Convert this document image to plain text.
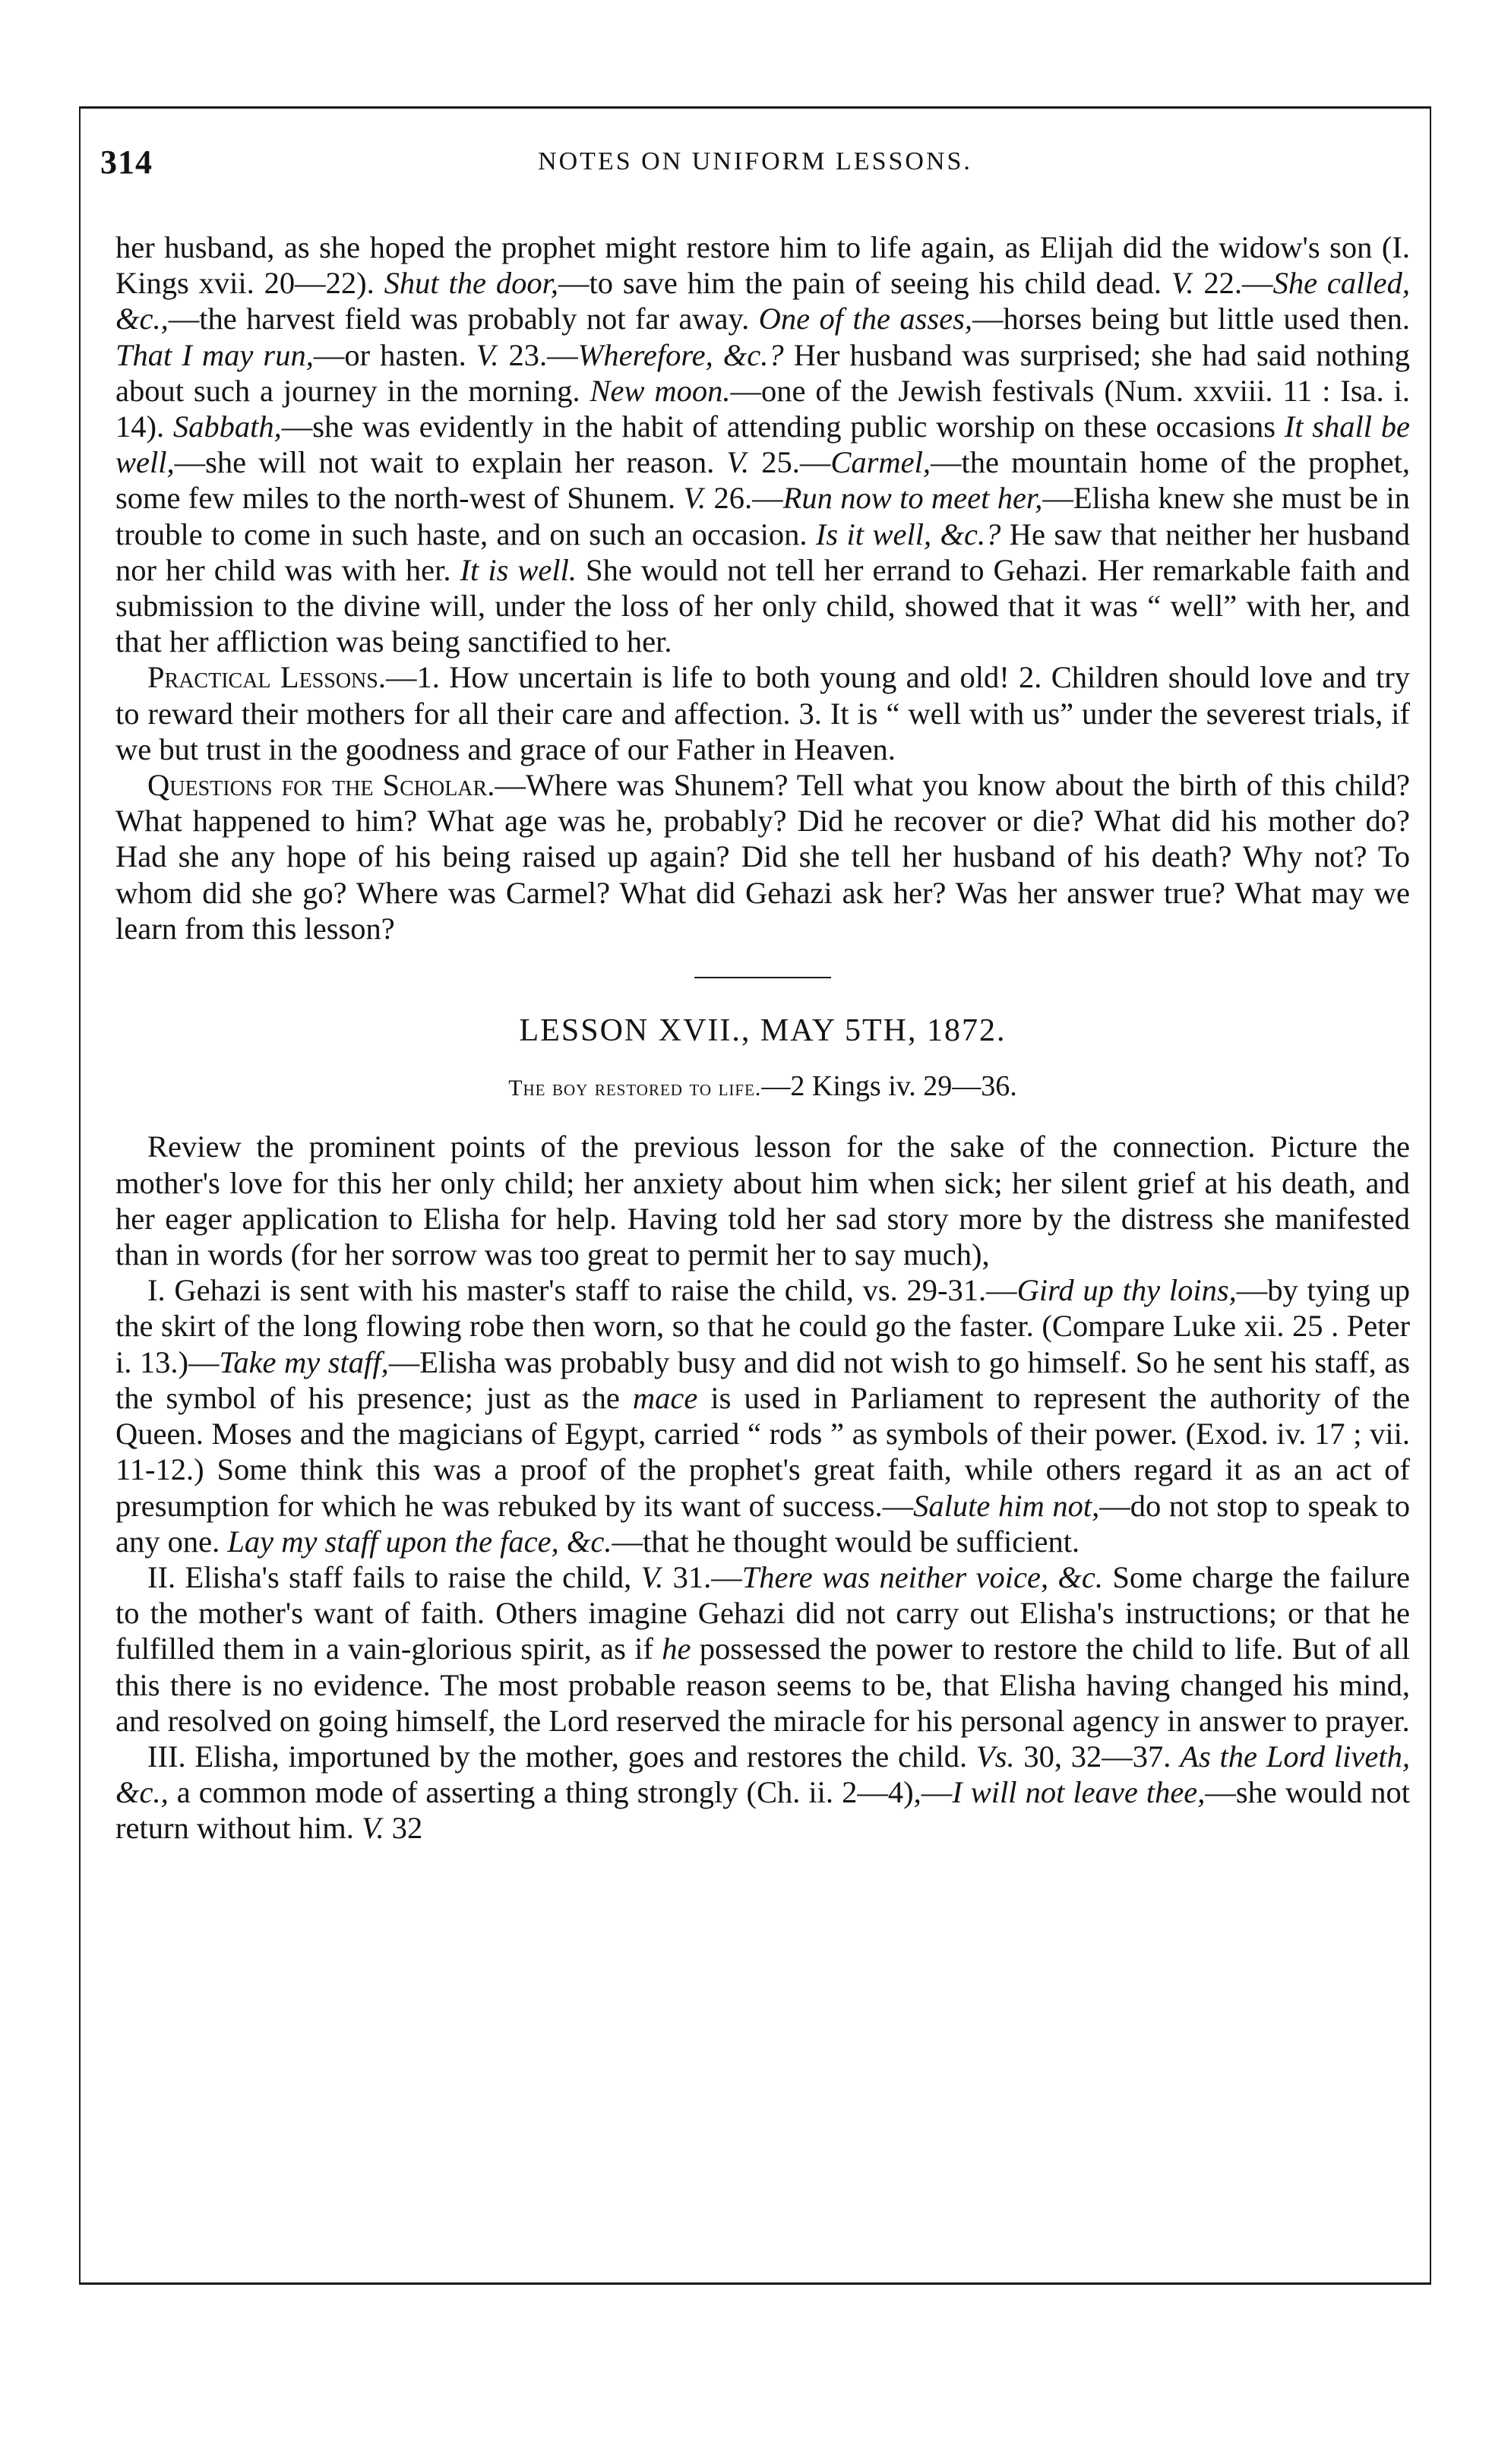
314	NOTES ON UNIFORM LESSONS.

her husband, as she hoped the prophet might restore him to life again, as Elijah did the widow's son (I. Kings xvii. 20—22). Shut the door,—to save him the pain of seeing his child dead. V. 22.—She called, &c.,—the harvest field was probably not far away. One of the asses,—horses being but little used then. That I may run,—or hasten. V. 23.—Wherefore, &c.? Her husband was surprised; she had said nothing about such a journey in the morning. New moon.—one of the Jewish festivals (Num. xxviii. 11 : Isa. i. 14). Sabbath,—she was evidently in the habit of attending public worship on these occasions It shall be well,—she will not wait to explain her reason. V. 25.—Carmel,—the mountain home of the prophet, some few miles to the north-west of Shunem. V. 26.—Run now to meet her,—Elisha knew she must be in trouble to come in such haste, and on such an occasion. Is it well, &c.? He saw that neither her husband nor her child was with her. It is well. She would not tell her errand to Gehazi. Her remarkable faith and submission to the divine will, under the loss of her only child, showed that it was “ well” with her, and that her affliction was being sanctified to her.

Practical Lessons.—1. How uncertain is life to both young and old! 2. Children should love and try to reward their mothers for all their care and affection. 3. It is “ well with us” under the severest trials, if we but trust in the goodness and grace of our Father in Heaven.

Questions for the Scholar.—Where was Shunem? Tell what you know about the birth of this child? What happened to him? What age was he, probably? Did he recover or die? What did his mother do? Had she any hope of his being raised up again? Did she tell her husband of his death? Why not? To whom did she go? Where was Carmel? What did Gehazi ask her? Was her answer true? What may we learn from this lesson?

LESSON XVII., MAY 5TH, 1872.
The boy restored to life.—2 Kings iv. 29—36.

Review the prominent points of the previous lesson for the sake of the connection. Picture the mother's love for this her only child; her anxiety about him when sick; her silent grief at his death, and her eager application to Elisha for help. Having told her sad story more by the distress she manifested than in words (for her sorrow was too great to permit her to say much),

I. Gehazi is sent with his master's staff to raise the child, vs. 29-31.—Gird up thy loins,—by tying up the skirt of the long flowing robe then worn, so that he could go the faster. (Compare Luke xii. 25 . Peter i. 13.)—Take my staff,—Elisha was probably busy and did not wish to go himself. So he sent his staff, as the symbol of his presence; just as the mace is used in Parliament to represent the authority of the Queen. Moses and the magicians of Egypt, carried “ rods ” as symbols of their power. (Exod. iv. 17 ; vii. 11-12.) Some think this was a proof of the prophet's great faith, while others regard it as an act of presumption for which he was rebuked by its want of success.—Salute him not,—do not stop to speak to any one. Lay my staff upon the face, &c.—that he thought would be sufficient.

II. Elisha's staff fails to raise the child, V. 31.—There was neither voice, &c. Some charge the failure to the mother's want of faith. Others imagine Gehazi did not carry out Elisha's instructions; or that he fulfilled them in a vain-glorious spirit, as if he possessed the power to restore the child to life. But of all this there is no evidence. The most probable reason seems to be, that Elisha having changed his mind, and resolved on going himself, the Lord reserved the miracle for his personal agency in answer to prayer.

III. Elisha, importuned by the mother, goes and restores the child. Vs. 30, 32—37. As the Lord liveth, &c., a common mode of asserting a thing strongly (Ch. ii. 2—4),—I will not leave thee,—she would not return without him. V. 32
